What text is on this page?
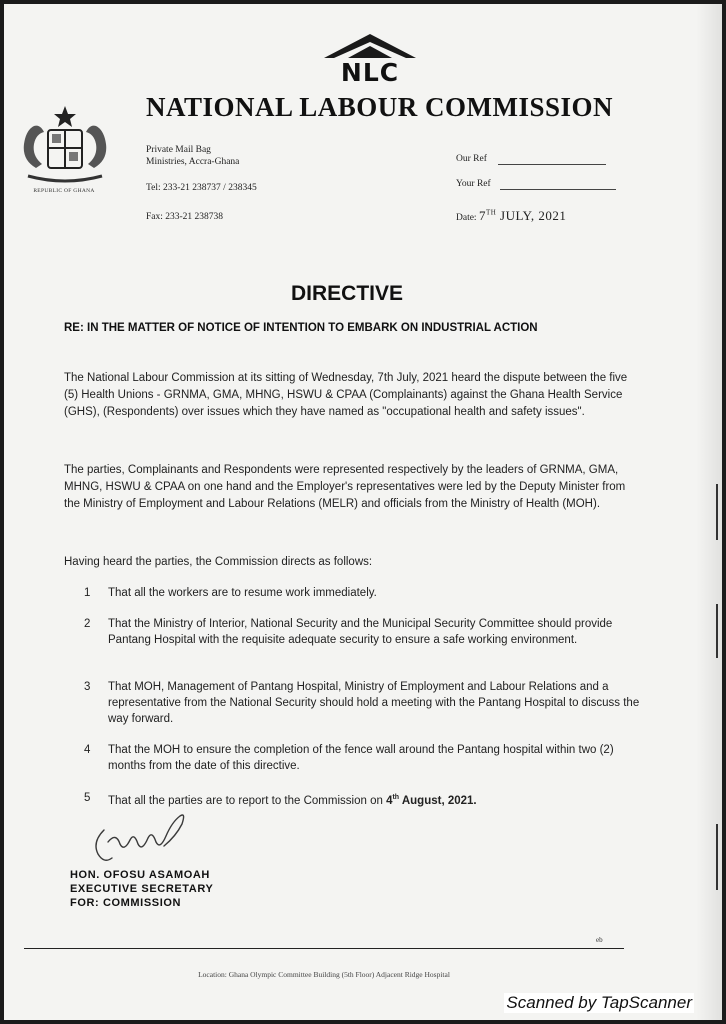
NLC
NATIONAL LABOUR COMMISSION
REPUBLIC OF GHANA
Private Mail Bag
Ministries, Accra-Ghana
Tel: 233-21 238737 / 238345
Fax: 233-21 238738
Our Ref
Your Ref
Date: 7TH JULY, 2021
DIRECTIVE
RE: IN THE MATTER OF NOTICE OF INTENTION TO EMBARK ON INDUSTRIAL ACTION
The National Labour Commission at its sitting of Wednesday, 7th July, 2021 heard the dispute between the five (5) Health Unions - GRNMA, GMA, MHNG, HSWU & CPAA (Complainants) against the Ghana Health Service (GHS), (Respondents) over issues which they have named as "occupational health and safety issues".
The parties, Complainants and Respondents were represented respectively by the leaders of GRNMA, GMA, MHNG, HSWU & CPAA on one hand and the Employer's representatives were led by the Deputy Minister from the Ministry of Employment and Labour Relations (MELR) and officials from the Ministry of Health (MOH).
Having heard the parties, the Commission directs as follows:
1	That all the workers are to resume work immediately.
2	That the Ministry of Interior, National Security and the Municipal Security Committee should provide Pantang Hospital with the requisite adequate security to ensure a safe working environment.
3	That MOH, Management of Pantang Hospital, Ministry of Employment and Labour Relations and a representative from the National Security should hold a meeting with the Pantang Hospital to discuss the way forward.
4	That the MOH to ensure the completion of the fence wall around the Pantang hospital within two (2) months from the date of this directive.
5	That all the parties are to report to the Commission on 4th August, 2021.
HON. OFOSU ASAMOAH
EXECUTIVE SECRETARY
FOR: COMMISSION
eb
Location: Ghana Olympic Committee Building (5th Floor) Adjacent Ridge Hospital
Scanned by TapScanner
